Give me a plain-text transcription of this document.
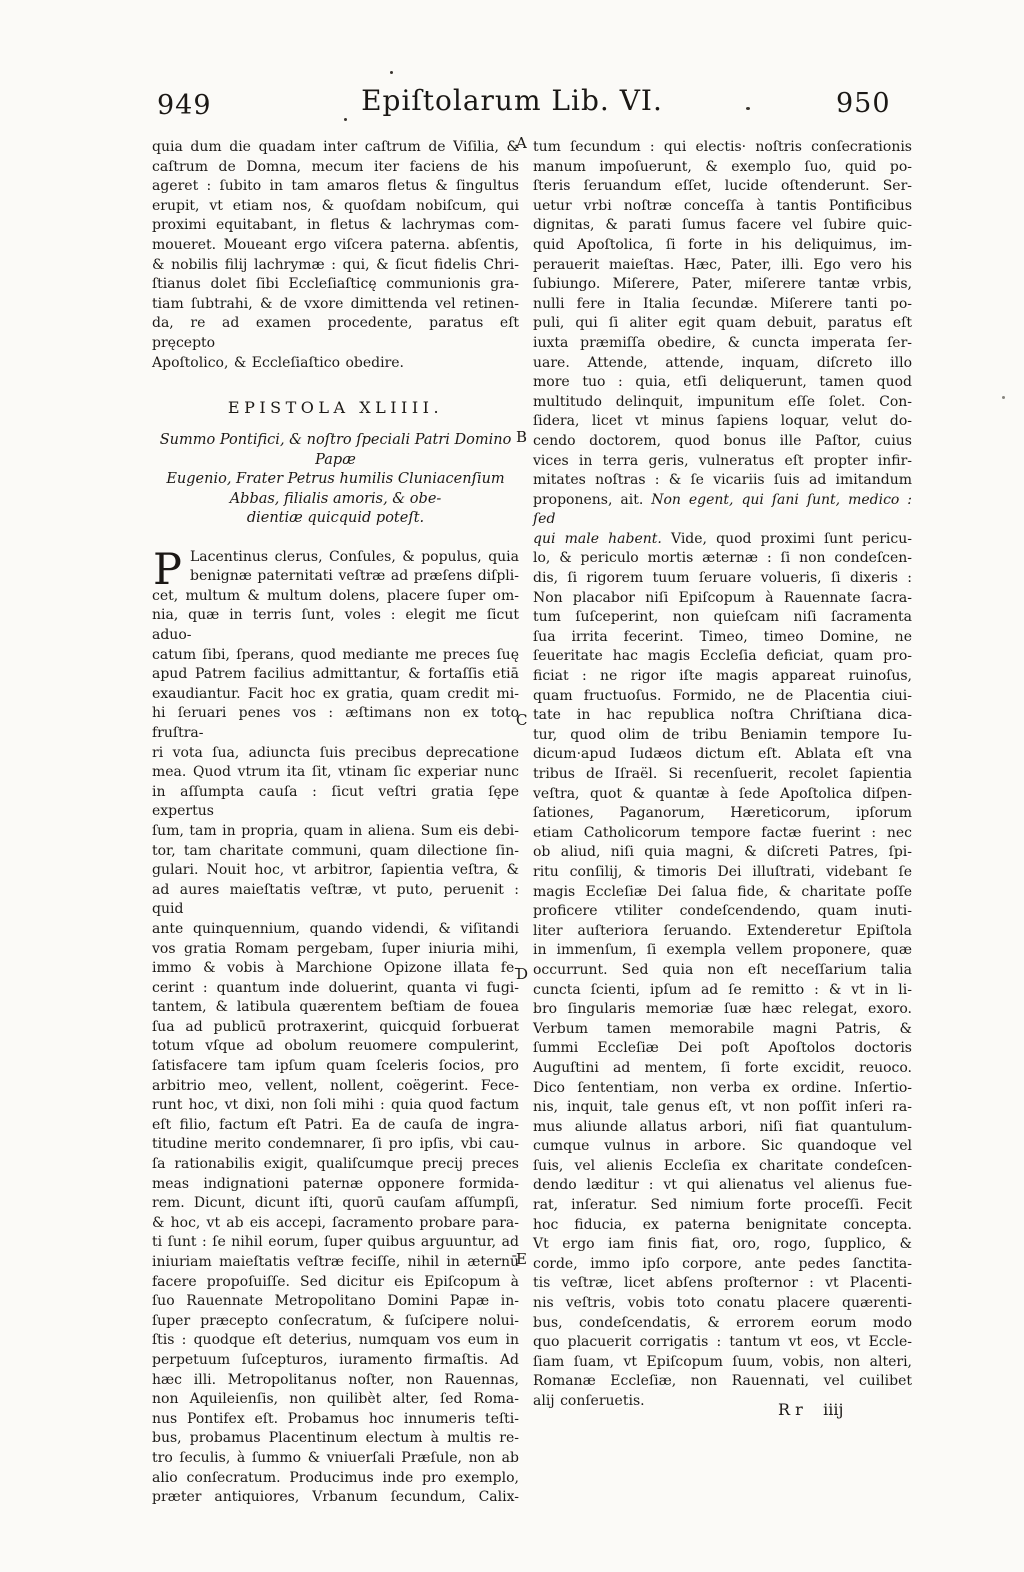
949	Epiſtolarum Lib. VI.	950
quia dum die quadam inter caſtrum de Viſilia, &
caſtrum de Domna, mecum iter faciens de his
ageret : ſubito in tam amaros fletus & ſingultus
erupit, vt etiam nos, & quoſdam nobiſcum, qui
proximi equitabant, in fletus & lachrymas com-
moueret. Moueant ergo viſcera paterna. abſentis,
& nobilis filij lachrymæ : qui, & ſicut fidelis Chri-
ſtianus dolet ſibi Eccleſiaſticę communionis gra-
tiam ſubtrahi, & de vxore dimittenda vel retinen-
da, re ad examen procedente, paratus eſt pręcepto
Apoſtolico, & Eccleſiaſtico obedire.
EPISTOLA XLIIII.
Summo Pontifici, & noſtro ſpeciali Patri Domino Papæ
Eugenio, Frater Petrus humilis Cluniacenſium
Abbas, filialis amoris, & obe-
dientiæ quicquid poteſt.
P Lacentinus clerus, Conſules, & populus, quia
benignæ paternitati veſtræ ad præſens diſpli-
cet, multum & multum dolens, placere ſuper om-
nia, quæ in terris ſunt, voles : elegit me ſicut aduo-
catum ſibi, ſperans, quod mediante me preces ſuę
apud Patrem facilius admittantur, & fortaſſis etiā
exaudiantur. Facit hoc ex gratia, quam credit mi-
hi ſeruari penes vos : æſtimans non ex toto fruſtra-
ri vota ſua, adiuncta ſuis precibus deprecatione
mea. Quod vtrum ita ſit, vtinam ſic experiar nunc
in aſſumpta cauſa : ſicut veſtri gratia ſępe expertus
ſum, tam in propria, quam in aliena. Sum eis debi-
tor, tam charitate communi, quam dilectione ſin-
gulari. Nouit hoc, vt arbitror, ſapientia veſtra, &
ad aures maieſtatis veſtræ, vt puto, peruenit : quid
ante quinquennium, quando videndi, & viſitandi
vos gratia Romam pergebam, ſuper iniuria mihi,
immo & vobis à Marchione Opizone illata fe-
cerint : quantum inde doluerint, quanta vi fugi-
tantem, & latibula quærentem beſtiam de fouea
ſua ad publicū protraxerint, quicquid ſorbuerat
totum vſque ad obolum reuomere compulerint,
ſatisfacere tam ipſum quam ſceleris ſocios, pro
arbitrio meo, vellent, nollent, coëgerint. Fece-
runt hoc, vt dixi, non ſoli mihi : quia quod factum
eſt filio, factum eſt Patri. Ea de cauſa de ingra-
titudine merito condemnarer, ſi pro ipſis, vbi cau-
ſa rationabilis exigit, qualiſcumque precij preces
meas indignationi paternæ opponere formida-
rem. Dicunt, dicunt iſti, quorū cauſam aſſumpſi,
& hoc, vt ab eis accepi, ſacramento probare para-
ti ſunt : ſe nihil eorum, ſuper quibus arguuntur, ad
iniuriam maieſtatis veſtræ feciſſe, nihil in æternū
facere propoſuiſſe. Sed dicitur eis Epiſcopum à
ſuo Rauennate Metropolitano Domini Papæ in-
ſuper præcepto conſecratum, & ſuſcipere nolui-
ſtis : quodque eſt deterius, numquam vos eum in
perpetuum ſuſcepturos, iuramento firmaſtis. Ad
hæc illi. Metropolitanus noſter, non Rauennas,
non Aquileienſis, non quilibèt alter, ſed Roma-
nus Pontifex eſt. Probamus hoc innumeris teſti-
bus, probamus Placentinum electum à multis re-
tro ſeculis, à ſummo & vniuerſali Præſule, non ab
alio conſecratum. Producimus inde pro exemplo,
præter antiquiores, Vrbanum ſecundum, Calix-
tum ſecundum : qui electis· noſtris conſecrationis
manum impoſuerunt, & exemplo ſuo, quid po-
ſteris ſeruandum eſſet, lucide oſtenderunt. Ser-
uetur vrbi noſtræ conceſſa à tantis Pontificibus
dignitas, & parati ſumus facere vel ſubire quic-
quid Apoſtolica, ſi forte in his deliquimus, im-
perauerit maieſtas. Hæc, Pater, illi. Ego vero his
ſubiungo. Miſerere, Pater, miſerere tantæ vrbis,
nulli fere in Italia ſecundæ. Miſerere tanti po-
puli, qui ſi aliter egit quam debuit, paratus eſt
iuxta præmiſſa obedire, & cuncta imperata ſer-
uare. Attende, attende, inquam, diſcreto illo
more tuo : quia, etſi deliquerunt, tamen quod
multitudo delinquit, impunitum eſſe ſolet. Con-
ſidera, licet vt minus ſapiens loquar, velut do-
cendo doctorem, quod bonus ille Paſtor, cuius
vices in terra geris, vulneratus eſt propter infir-
mitates noſtras : & ſe vicariis ſuis ad imitandum
proponens, ait. Non egent, qui ſani ſunt, medico : ſed
qui male habent. Vide, quod proximi ſunt pericu-
lo, & periculo mortis æternæ : ſi non condeſcen-
dis, ſi rigorem tuum ſeruare volueris, ſi dixeris :
Non placabor niſi Epiſcopum à Rauennate ſacra-
tum ſuſceperint, non quieſcam niſi ſacramenta
ſua irrita fecerint. Timeo, timeo Domine, ne
ſeueritate hac magis Eccleſia deficiat, quam pro-
ficiat : ne rigor iſte magis appareat ruinoſus,
quam fructuoſus. Formido, ne de Placentia ciui-
tate in hac republica noſtra Chriſtiana dica-
tur, quod olim de tribu Beniamin tempore Iu-
dicum·apud Iudæos dictum eſt. Ablata eſt vna
tribus de Iſraël. Si recenſuerit, recolet ſapientia
veſtra, quot & quantæ à ſede Apoſtolica diſpen-
ſationes, Paganorum, Hæreticorum, ipſorum
etiam Catholicorum tempore factæ fuerint : nec
ob aliud, niſi quia magni, & diſcreti Patres, ſpi-
ritu conſilij, & timoris Dei illuſtrati, videbant ſe
magis Eccleſiæ Dei ſalua fide, & charitate poſſe
proficere vtiliter condeſcendendo, quam inuti-
liter auſteriora ſeruando. Extenderetur Epiſtola
in immenſum, ſi exempla vellem proponere, quæ
occurrunt. Sed quia non eſt neceſſarium talia
cuncta ſcienti, ipſum ad ſe remitto : & vt in li-
bro ſingularis memoriæ ſuæ hæc relegat, exoro.
Verbum tamen memorabile magni Patris, &
ſummi Eccleſiæ Dei poſt Apoſtolos doctoris
Auguſtini ad mentem, ſi forte excidit, reuoco.
Dico ſententiam, non verba ex ordine. Inſertio-
nis, inquit, tale genus eſt, vt non poſſit inſeri ra-
mus aliunde allatus arbori, niſi fiat quantulum-
cumque vulnus in arbore. Sic quandoque vel
ſuis, vel alienis Eccleſia ex charitate condeſcen-
dendo læditur : vt qui alienatus vel alienus fue-
rat, inſeratur. Sed nimium forte proceſſi. Fecit
hoc fiducia, ex paterna benignitate concepta.
Vt ergo iam finis fiat, oro, rogo, ſupplico, &
corde, immo ipſo corpore, ante pedes ſanctita-
tis veſtræ, licet abſens proſternor : vt Placenti-
nis veſtris, vobis toto conatu placere quærenti-
bus, condeſcendatis, & errorem eorum modo
quo placuerit corrigatis : tantum vt eos, vt Eccle-
ſiam ſuam, vt Epiſcopum ſuum, vobis, non alteri,
Romanæ Eccleſiæ, non Rauennati, vel cuilibet
alij conſeruetis.
A
B
C
D
E
R r    iiij
